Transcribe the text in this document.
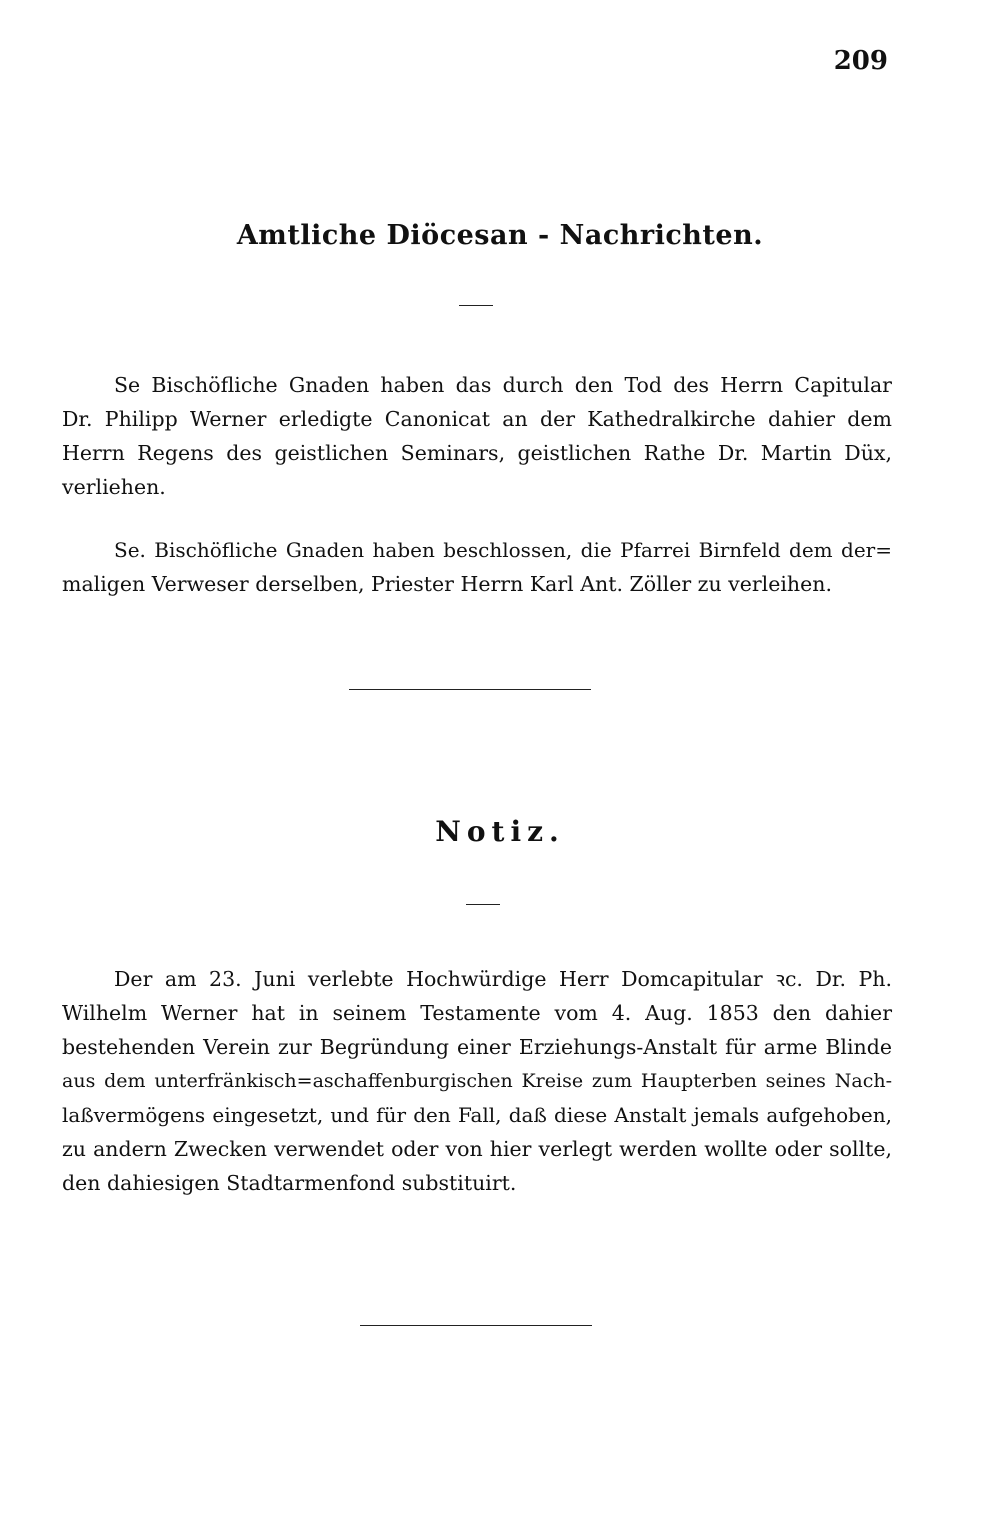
209
Amtliche Diöcesan - Nachrichten.
Se Bischöfliche Gnaden haben das durch den Tod des Herrn Capitular
Dr. Philipp Werner erledigte Canonicat an der Kathedralkirche dahier dem
Herrn Regens des geistlichen Seminars, geistlichen Rathe Dr. Martin Düx,
verliehen.
Se. Bischöfliche Gnaden haben beschlossen, die Pfarrei Birnfeld dem der=
maligen Verweser derselben, Priester Herrn Karl Ant. Zöller zu verleihen.
Notiz.
Der am 23. Juni verlebte Hochwürdige Herr Domcapitular ꝛc. Dr. Ph.
Wilhelm Werner hat in seinem Testamente vom 4. Aug. 1853 den dahier
bestehenden Verein zur Begründung einer Erziehungs-Anstalt für arme Blinde
aus dem unterfränkisch=aschaffenburgischen Kreise zum Haupterben seines Nach-
laßvermögens eingesetzt, und für den Fall, daß diese Anstalt jemals aufgehoben,
zu andern Zwecken verwendet oder von hier verlegt werden wollte oder sollte,
den dahiesigen Stadtarmenfond substituirt.
